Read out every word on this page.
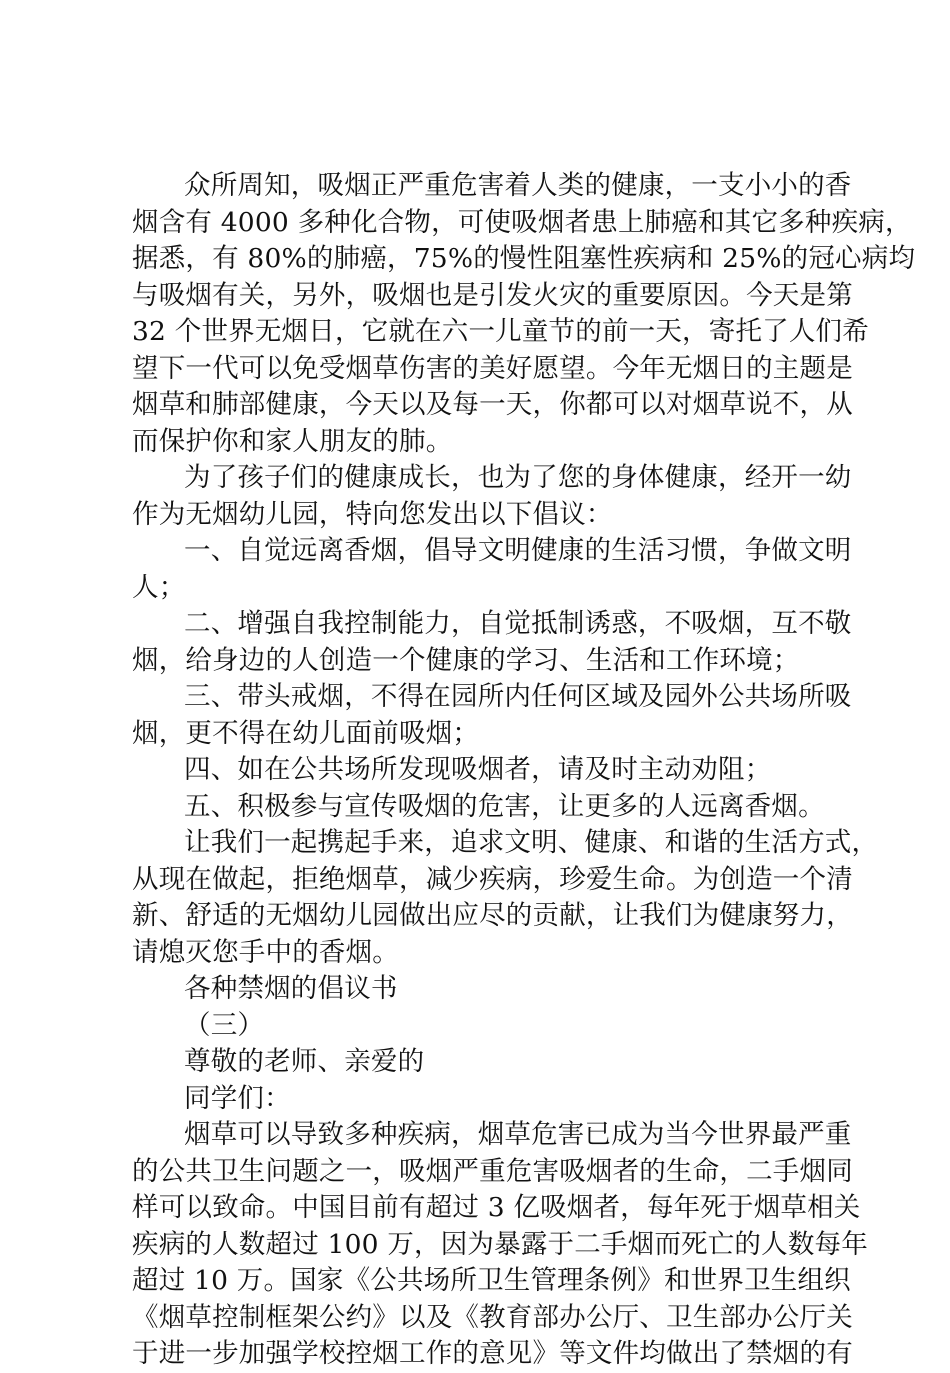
众所周知，吸烟正严重危害着人类的健康，一支小小的香
烟含有 4000 多种化合物，可使吸烟者患上肺癌和其它多种疾病，
据悉，有 80%的肺癌，75%的慢性阻塞性疾病和 25%的冠心病均
与吸烟有关，另外，吸烟也是引发火灾的重要原因。今天是第
32 个世界无烟日，它就在六一儿童节的前一天，寄托了人们希
望下一代可以免受烟草伤害的美好愿望。今年无烟日的主题是
烟草和肺部健康，今天以及每一天，你都可以对烟草说不，从
而保护你和家人朋友的肺。
为了孩子们的健康成长，也为了您的身体健康，经开一幼
作为无烟幼儿园，特向您发出以下倡议：
一、自觉远离香烟，倡导文明健康的生活习惯，争做文明
人；
二、增强自我控制能力，自觉抵制诱惑，不吸烟，互不敬
烟，给身边的人创造一个健康的学习、生活和工作环境；
三、带头戒烟，不得在园所内任何区域及园外公共场所吸
烟，更不得在幼儿面前吸烟；
四、如在公共场所发现吸烟者，请及时主动劝阻；
五、积极参与宣传吸烟的危害，让更多的人远离香烟。
让我们一起携起手来，追求文明、健康、和谐的生活方式，
从现在做起，拒绝烟草，减少疾病，珍爱生命。为创造一个清
新、舒适的无烟幼儿园做出应尽的贡献，让我们为健康努力，
请熄灭您手中的香烟。
各种禁烟的倡议书
（三）
尊敬的老师、亲爱的
同学们：
烟草可以导致多种疾病，烟草危害已成为当今世界最严重
的公共卫生问题之一，吸烟严重危害吸烟者的生命，二手烟同
样可以致命。中国目前有超过 3 亿吸烟者，每年死于烟草相关
疾病的人数超过 100 万，因为暴露于二手烟而死亡的人数每年
超过 10 万。国家《公共场所卫生管理条例》和世界卫生组织
《烟草控制框架公约》以及《教育部办公厅、卫生部办公厅关
于进一步加强学校控烟工作的意见》等文件均做出了禁烟的有
